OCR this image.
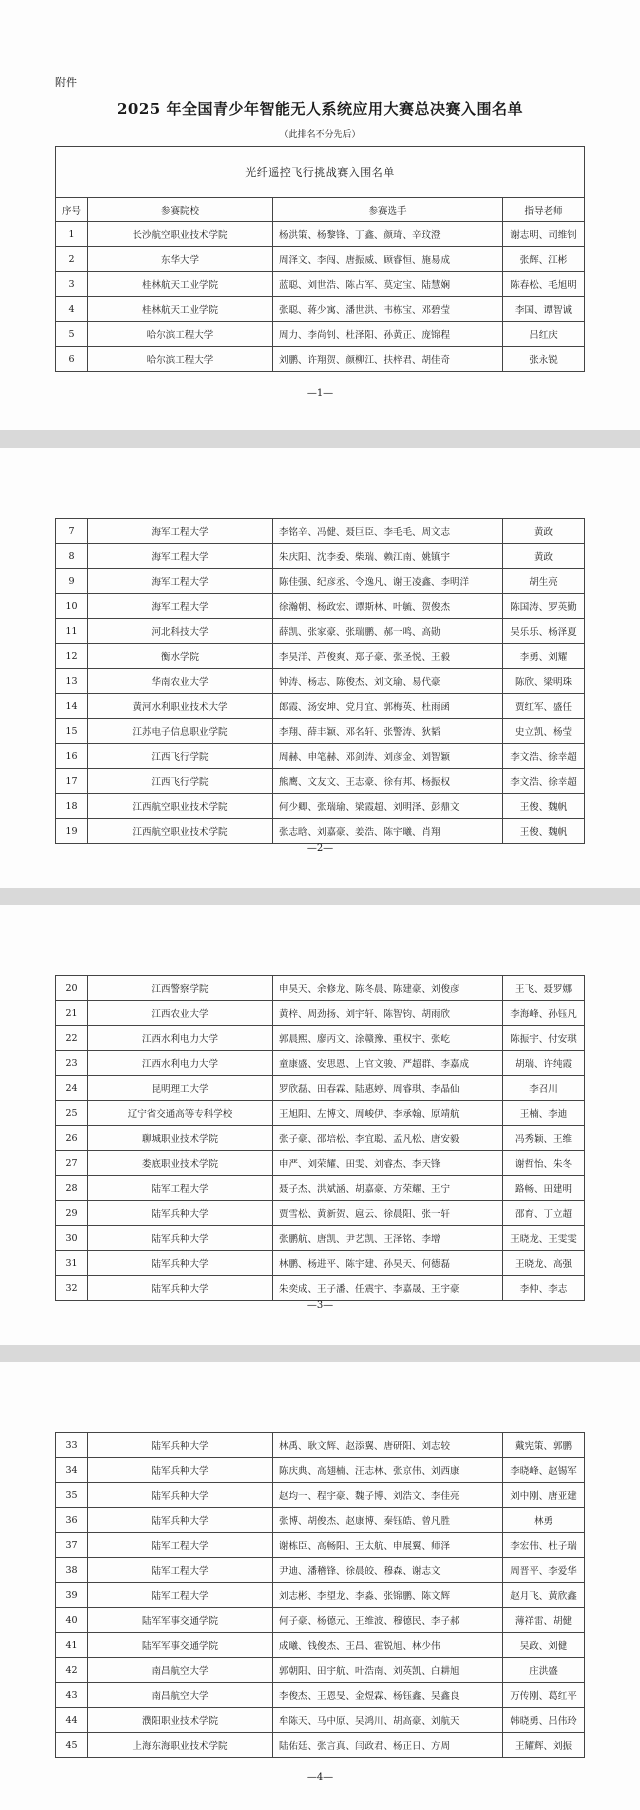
附件
2025 年全国青少年智能无人系统应用大赛总决赛入围名单
（此排名不分先后）
光纤遥控飞行挑战赛入围名单			
序号	参赛院校	参赛选手	指导老师
1	长沙航空职业技术学院	杨洪策、杨黎锋、丁鑫、颜琦、辛玟澄	谢志明、司维钊
2	东华大学	周泽文、李闯、唐振威、顾睿恒、施易成	张辉、江彬
3	桂林航天工业学院	蓝聪、刘世浩、陈占军、莫定宝、陆慧娴	陈春松、毛旭明
4	桂林航天工业学院	张聪、蒋少寓、潘世洪、韦栋宝、邓碧莹	李国、谭智诚
5	哈尔滨工程大学	周力、李尚钊、杜泽阳、孙黄正、庞锦程	吕红庆
6	哈尔滨工程大学	刘鹏、许翔贺、颜柳江、扶梓君、胡佳奇	张永锐
—1—
7	海军工程大学	李铭辛、冯健、聂巨臣、李毛毛、周文志	黄政
8	海军工程大学	朱庆阳、沈李委、柴瑞、赖江南、姚镇宇	黄政
9	海军工程大学	陈佳强、纪彦丞、令逸凡、谢王凌鑫、李明洋	胡生亮
10	海军工程大学	徐瀚朝、杨政宏、谭斯林、叶毓、贺俊杰	陈国涛、罗英勤
11	河北科技大学	薛凯、张家豪、张瑞鹏、郝一鸣、高勋	吴乐乐、杨泽夏
12	衡水学院	李昊洋、芦俊爽、郑子豪、张圣悦、王毅	李勇、刘耀
13	华南农业大学	钟涛、杨志、陈俊杰、刘文瑜、易代豪	陈欣、梁明珠
14	黄河水利职业技术大学	郎霞、汤安坤、党月宜、郭梅英、杜雨函	贾红军、盛任
15	江苏电子信息职业学院	李翔、薛丰颖、邓名轩、张警涛、狄韬	史立凯、杨莹
16	江西飞行学院	周赫、申笔赫、邓剑涛、刘彦金、刘智颖	李文浩、徐幸超
17	江西飞行学院	熊鹰、文友文、王志豪、徐有邦、杨振权	李文浩、徐幸超
18	江西航空职业技术学院	何少卿、张瑞瑜、梁霞超、刘明泽、彭鼎文	王俊、魏帆
19	江西航空职业技术学院	张志晗、刘嘉豪、姜浩、陈宇曦、肖翔	王俊、魏帆
—2—
20	江西警察学院	申昊天、余修龙、陈冬晨、陈建豪、刘俊彦	王飞、聂罗娜
21	江西农业大学	黄梓、周劲扬、刘宇轩、陈智钧、胡雨欣	李海峰、孙钰凡
22	江西水利电力大学	郭晨熙、廖丙文、涂赣豫、重权宇、张屹	陈振宇、付安琪
23	江西水利电力大学	童康盛、安思恩、上官文骏、严超群、李嘉成	胡瑞、许纯霞
24	昆明理工大学	罗欣磊、田春霖、陆惠婷、周睿琪、李晶仙	李召川
25	辽宁省交通高等专科学校	王旭阳、左博文、周峻伊、李承翰、原靖航	王楠、李迪
26	聊城职业技术学院	张子豪、邵培松、李宜聪、孟凡松、唐安毅	冯秀颖、王维
27	娄底职业技术学院	申严、刘荣耀、田雯、刘睿杰、李天锋	谢哲怡、朱冬
28	陆军工程大学	聂子杰、洪斌涵、胡嘉豪、方荣耀、王宁	路畅、田建明
29	陆军兵种大学	贾雪松、黄新贺、扈云、徐晨阳、张一轩	邵育、丁立超
30	陆军兵种大学	张鹏航、唐凯、尹艺凯、王泽铭、李增	王晓龙、王雯雯
31	陆军兵种大学	林鹏、杨进平、陈宇建、孙昊天、何德磊	王晓龙、高强
32	陆军兵种大学	朱奕成、王子潘、任震宇、李嘉晟、王宇豪	李仲、李志
—3—
33	陆军兵种大学	林禹、耿文辉、赵添翼、唐研阳、刘志较	戴宪策、郭鹏
34	陆军兵种大学	陈庆典、高翅楠、汪志林、张京伟、刘西康	李晓峰、赵锡军
35	陆军兵种大学	赵均一、程宇豪、魏子博、刘浩文、李佳亮	刘中刚、唐亚建
36	陆军兵种大学	张博、胡俊杰、赵康博、秦钰皓、曾凡胜	林勇
37	陆军工程大学	谢栋臣、高畅阳、王太航、申展翼、师泽	李宏伟、杜子瑞
38	陆军工程大学	尹迪、潘稽锋、徐晨皎、穆森、谢志文	周晋平、李爱华
39	陆军工程大学	刘志彬、李望龙、李淼、张锦鹏、陈文辉	赵月飞、黄欣鑫
40	陆军军事交通学院	何子豪、杨德元、王维波、穆德民、李子郝	薄祥雷、胡健
41	陆军军事交通学院	成曦、钱俊杰、王昌、霍锐旭、林少伟	吴政、刘健
42	南昌航空大学	郭朝阳、田宇航、叶浩南、刘英凯、白耕旭	庄洪盛
43	南昌航空大学	李俊杰、王恩旻、金煜霖、杨钰鑫、吴鑫良	万传刚、葛红平
44	濮阳职业技术学院	牟陈天、马中原、吴鸿川、胡高豪、刘航天	韩晓勇、吕伟玲
45	上海东海职业技术学院	陆佑廷、张言真、闫政君、杨正日、方周	王耀辉、刘振
—4—
